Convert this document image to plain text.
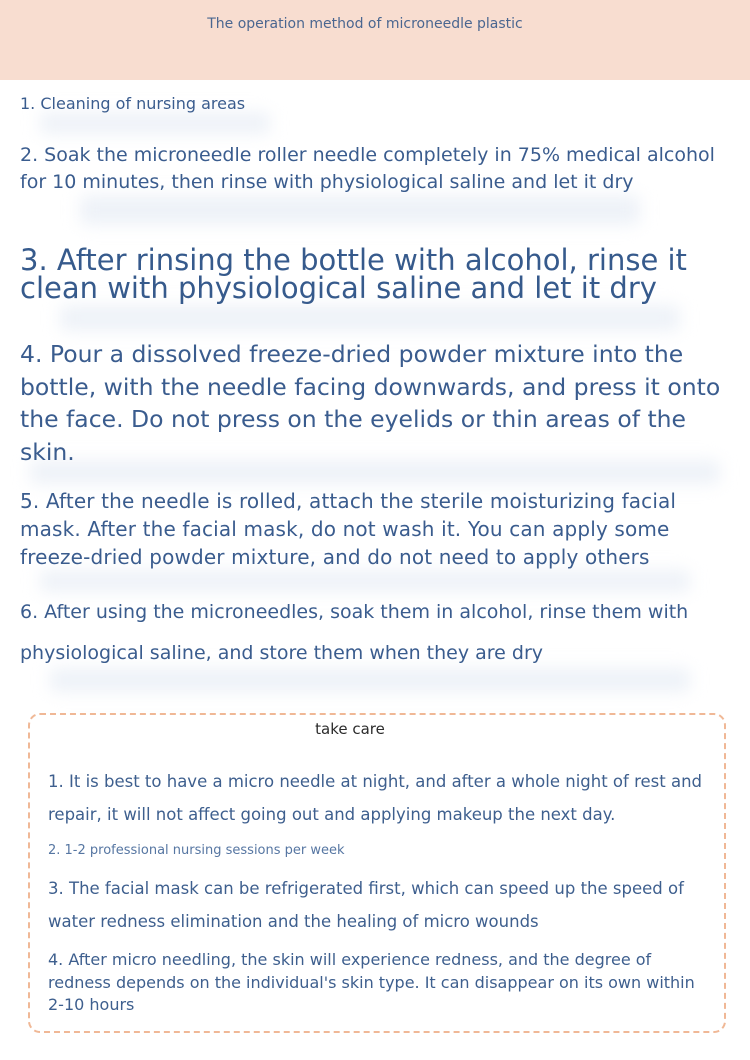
The operation method of microneedle plastic

1. Cleaning of nursing areas

2. Soak the microneedle roller needle completely in 75% medical alcohol for 10 minutes, then rinse with physiological saline and let it dry

3. After rinsing the bottle with alcohol, rinse it clean with physiological saline and let it dry

4. Pour a dissolved freeze-dried powder mixture into the bottle, with the needle facing downwards, and press it onto the face. Do not press on the eyelids or thin areas of the skin.

5. After the needle is rolled, attach the sterile moisturizing facial mask. After the facial mask, do not wash it. You can apply some freeze-dried powder mixture, and do not need to apply others

6. After using the microneedles, soak them in alcohol, rinse them with physiological saline, and store them when they are dry

take care

1. It is best to have a micro needle at night, and after a whole night of rest and repair, it will not affect going out and applying makeup the next day.

2. 1-2 professional nursing sessions per week

3. The facial mask can be refrigerated first, which can speed up the speed of water redness elimination and the healing of micro wounds

4. After micro needling, the skin will experience redness, and the degree of redness depends on the individual's skin type. It can disappear on its own within 2-10 hours
